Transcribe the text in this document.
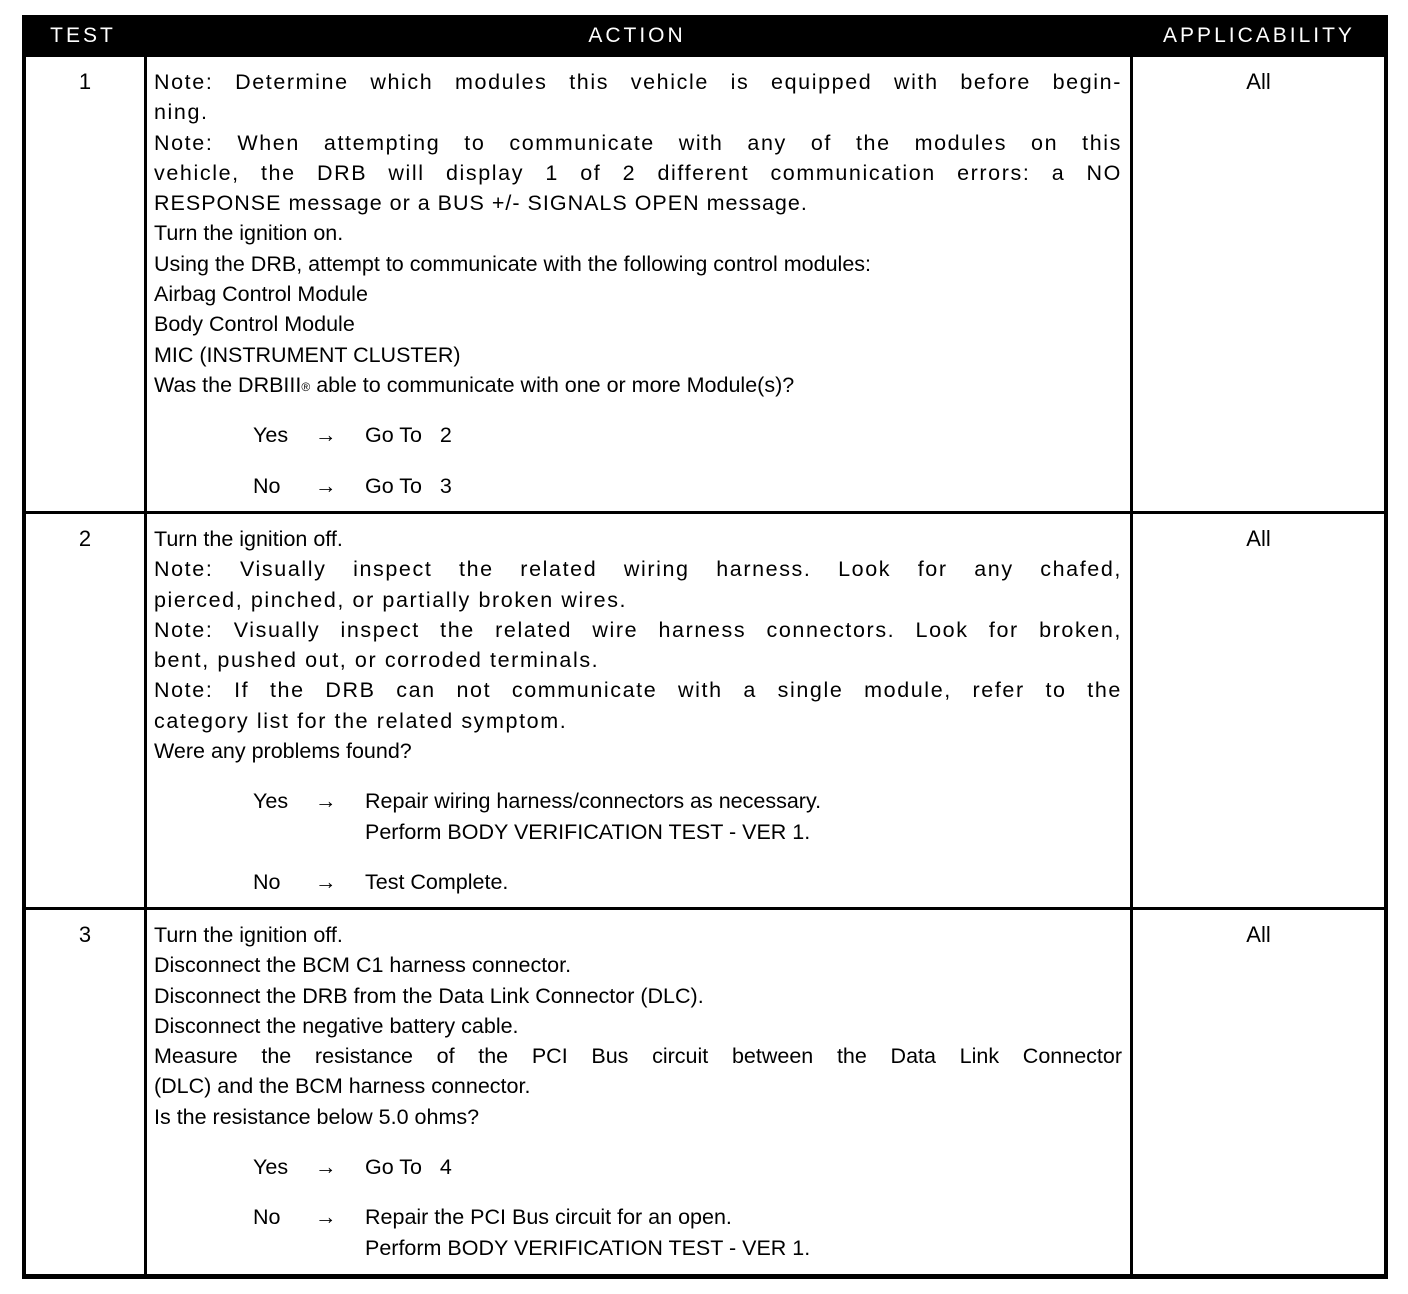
TEST	ACTION	APPLICABILITY
1	Note: Determine which modules this vehicle is equipped with before begin-
ning.
Note: When attempting to communicate with any of the modules on this
vehicle, the DRB will display 1 of 2 different communication errors: a NO
RESPONSE message or a BUS +/- SIGNALS OPEN message.
Turn the ignition on.
Using the DRB, attempt to communicate with the following control modules:
Airbag Control Module
Body Control Module
MIC (INSTRUMENT CLUSTER)
Was the DRBIII® able to communicate with one or more Module(s)?
Yes	→	Go To   2
No	→	Go To   3
All
2	Turn the ignition off.
Note: Visually inspect the related wiring harness. Look for any chafed,
pierced, pinched, or partially broken wires.
Note: Visually inspect the related wire harness connectors. Look for broken,
bent, pushed out, or corroded terminals.
Note: If the DRB can not communicate with a single module, refer to the
category list for the related symptom.
Were any problems found?
Yes	→	Repair wiring harness/connectors as necessary.
Perform BODY VERIFICATION TEST - VER 1.
No	→	Test Complete.
All
3	Turn the ignition off.
Disconnect the BCM C1 harness connector.
Disconnect the DRB from the Data Link Connector (DLC).
Disconnect the negative battery cable.
Measure the resistance of the PCI Bus circuit between the Data Link Connector
(DLC) and the BCM harness connector.
Is the resistance below 5.0 ohms?
Yes	→	Go To   4
No	→	Repair the PCI Bus circuit for an open.
Perform BODY VERIFICATION TEST - VER 1.
All
